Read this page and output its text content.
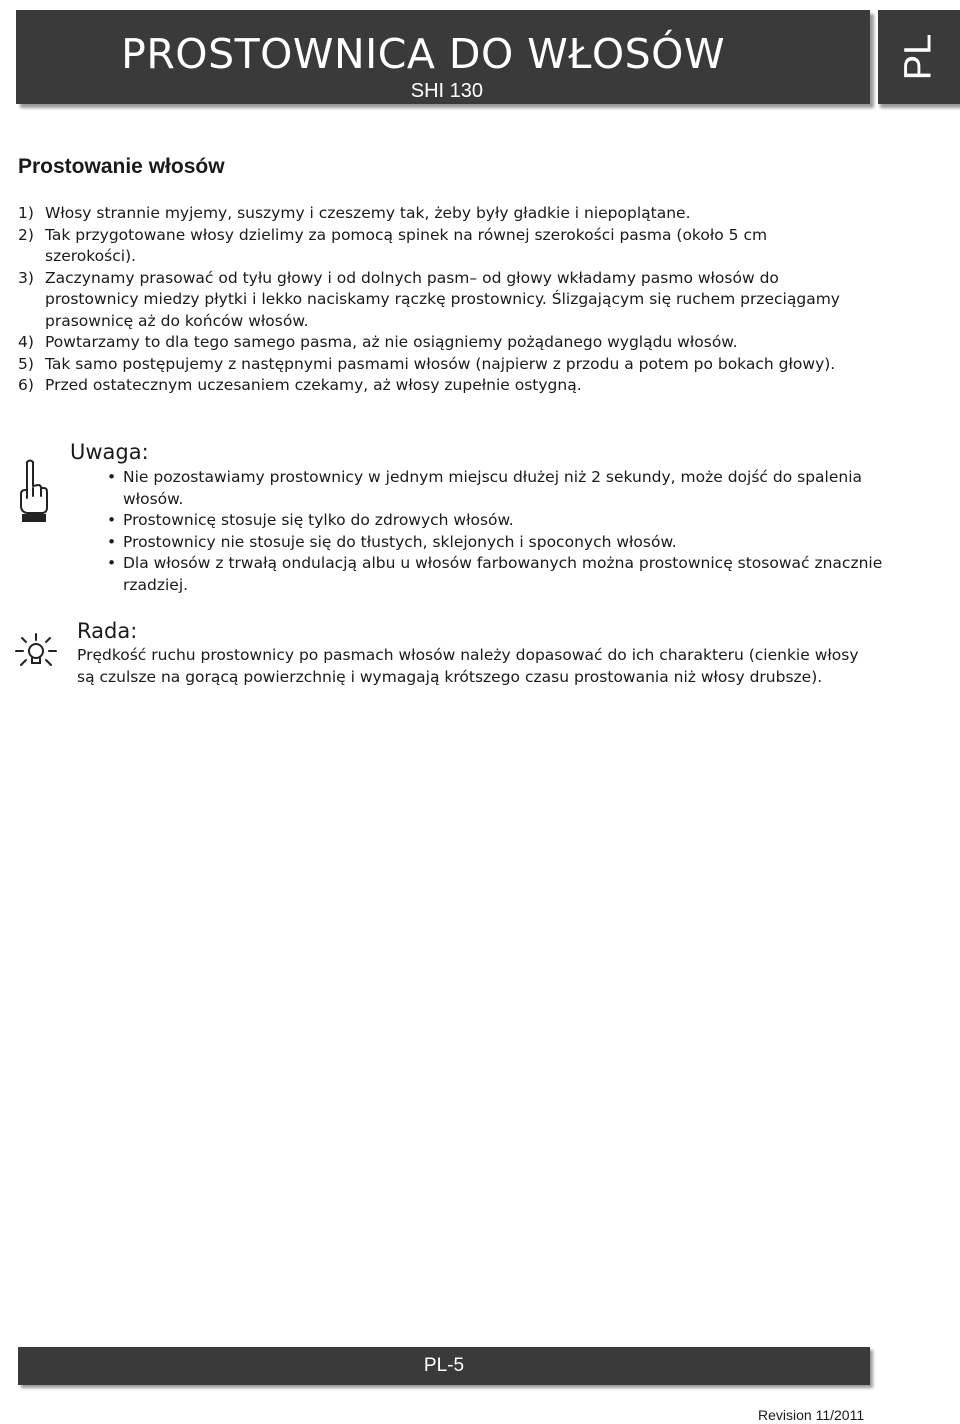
PROSTOWNICA DO WŁOSÓW
SHI 130
PL
Prostowanie włosów
1) Włosy strannie myjemy, suszymy i czeszemy tak, żeby były gładkie i niepoplątane.
2) Tak przygotowane włosy dzielimy za pomocą spinek na równej szerokości pasma (około 5 cm szerokości).
3) Zaczynamy prasować od tyłu głowy i od dolnych pasm– od głowy wkładamy pasmo włosów do prostownicy miedzy płytki i lekko naciskamy rączkę prostownicy. Ślizgającym się ruchem przeciągamy prasownicę aż do końców włosów.
4) Powtarzamy to dla tego samego pasma, aż nie osiągniemy pożądanego wyglądu włosów.
5) Tak samo postępujemy z następnymi pasmami włosów (najpierw z przodu a potem po bokach głowy).
6) Przed ostatecznym uczesaniem czekamy, aż włosy zupełnie ostygną.
Uwaga:
• Nie pozostawiamy prostownicy w jednym miejscu dłużej niż 2 sekundy, może dojść do spalenia włosów.
• Prostownicę stosuje się tylko do zdrowych włosów.
• Prostownicy nie stosuje się do tłustych, sklejonych i spoconych włosów.
• Dla włosów z trwałą ondulacją albu u włosów farbowanych można prostownicę stosować znacznie rzadziej.
Rada:

Prędkość ruchu prostownicy po pasmach włosów należy dopasować do ich charakteru (cienkie włosy są czulsze na gorącą powierzchnię i wymagają krótszego czasu prostowania niż włosy drubsze).

PL-5
Revision 11/2011
